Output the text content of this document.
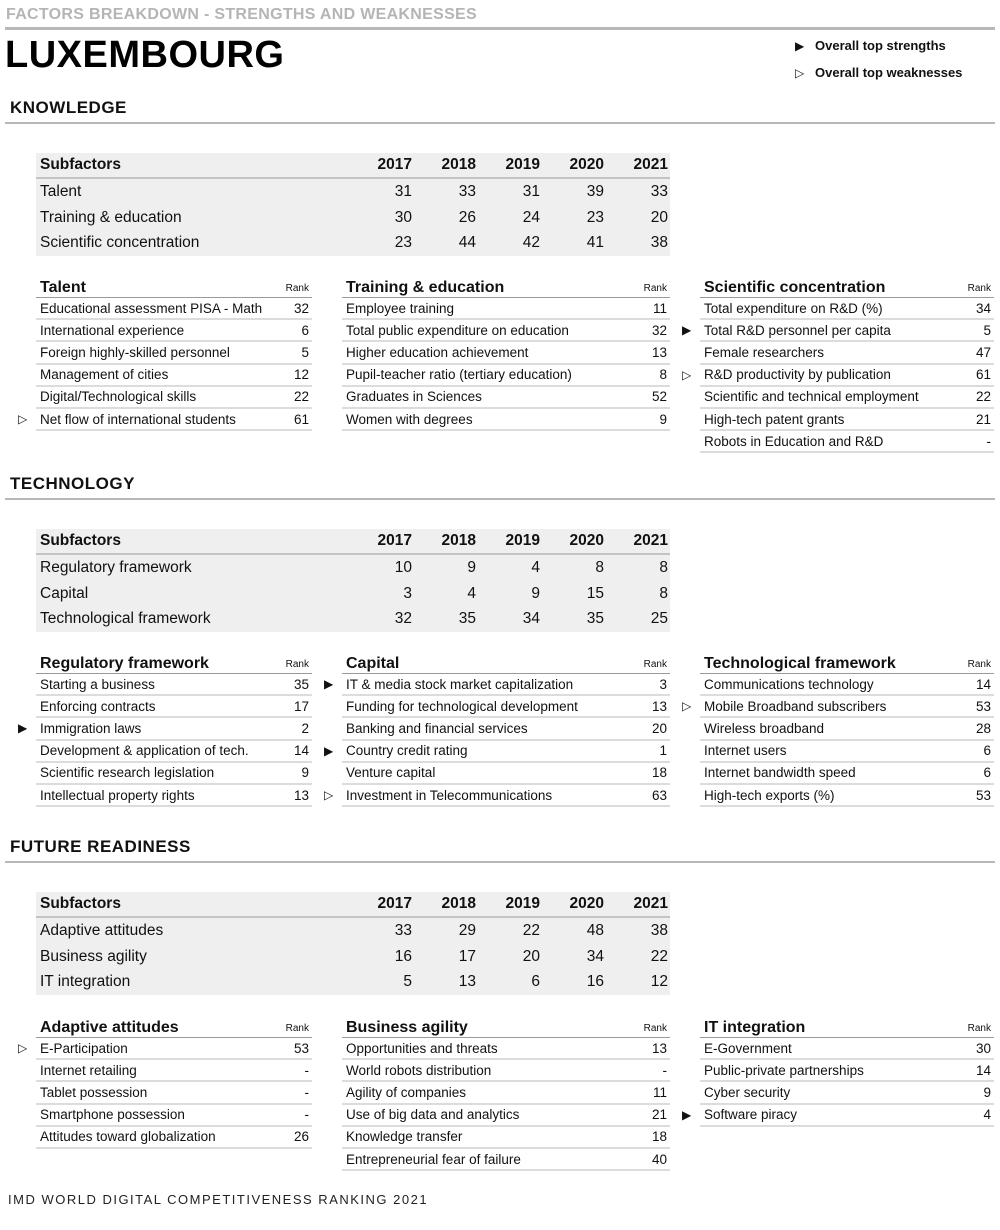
FACTORS BREAKDOWN - STRENGTHS AND WEAKNESSES
LUXEMBOURG	▶ Overall top strengths
▷ Overall top weaknesses
KNOWLEDGE
Subfactors	2017	2018	2019	2020	2021
Talent	31	33	31	39	33
Training & education	30	26	24	23	20
Scientific concentration	23	44	42	41	38
Talent	Rank
Educational assessment PISA - Math	32
International experience	6
Foreign highly-skilled personnel	5
Management of cities	12
Digital/Technological skills	22
▷ Net flow of international students	61
Training & education	Rank
Employee training	11
Total public expenditure on education	32
Higher education achievement	13
Pupil-teacher ratio (tertiary education)	8
Graduates in Sciences	52
Women with degrees	9
Scientific concentration	Rank
Total expenditure on R&D (%)	34
▶ Total R&D personnel per capita	5
Female researchers	47
▷ R&D productivity by publication	61
Scientific and technical employment	22
High-tech patent grants	21
Robots in Education and R&D	-
TECHNOLOGY
Subfactors	2017	2018	2019	2020	2021
Regulatory framework	10	9	4	8	8
Capital	3	4	9	15	8
Technological framework	32	35	34	35	25
Regulatory framework	Rank
Starting a business	35
Enforcing contracts	17
▶ Immigration laws	2
Development & application of tech.	14
Scientific research legislation	9
Intellectual property rights	13
Capital	Rank
▶ IT & media stock market capitalization	3
Funding for technological development	13
Banking and financial services	20
▶ Country credit rating	1
Venture capital	18
▷ Investment in Telecommunications	63
Technological framework	Rank
Communications technology	14
▷ Mobile Broadband subscribers	53
Wireless broadband	28
Internet users	6
Internet bandwidth speed	6
High-tech exports (%)	53
FUTURE READINESS
Subfactors	2017	2018	2019	2020	2021
Adaptive attitudes	33	29	22	48	38
Business agility	16	17	20	34	22
IT integration	5	13	6	16	12
Adaptive attitudes	Rank
▷ E-Participation	53
Internet retailing	-
Tablet possession	-
Smartphone possession	-
Attitudes toward globalization	26
Business agility	Rank
Opportunities and threats	13
World robots distribution	-
Agility of companies	11
Use of big data and analytics	21
Knowledge transfer	18
Entrepreneurial fear of failure	40
IT integration	Rank
E-Government	30
Public-private partnerships	14
Cyber security	9
▶ Software piracy	4
IMD WORLD DIGITAL COMPETITIVENESS RANKING 2021
